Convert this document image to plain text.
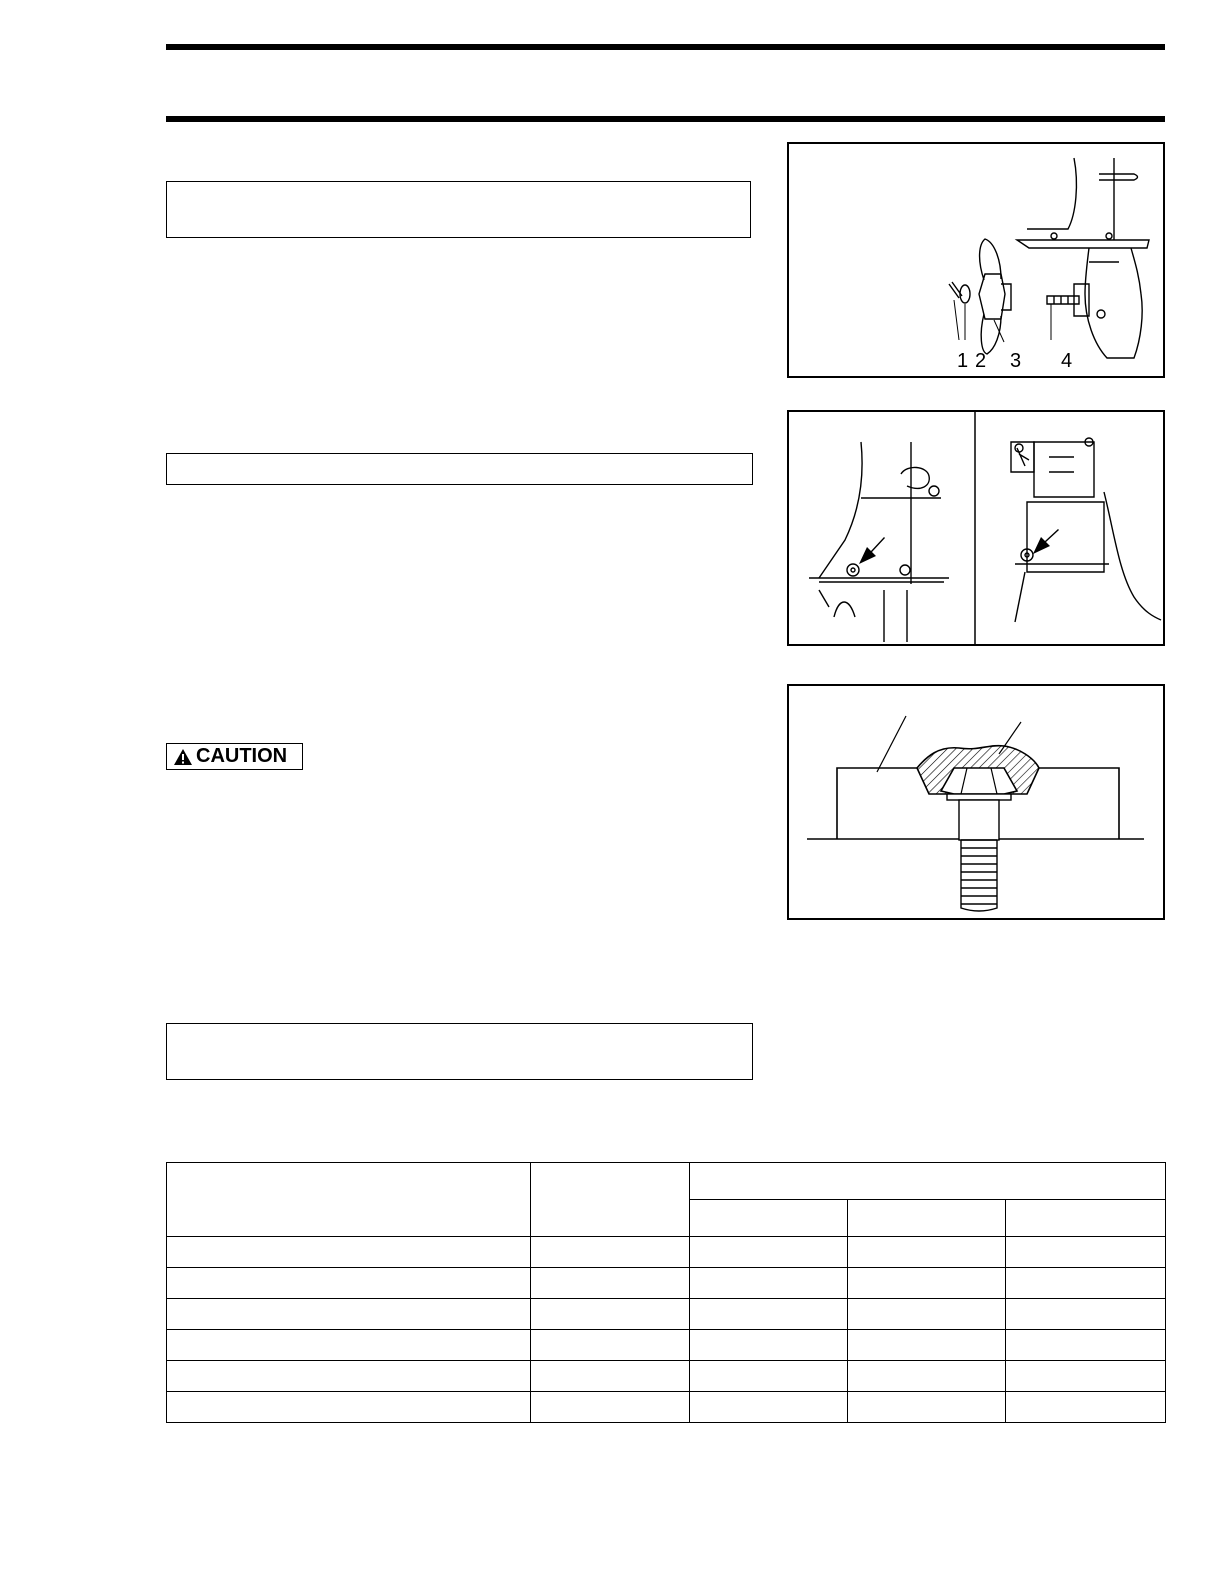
CAUTION
1 2 3 4
